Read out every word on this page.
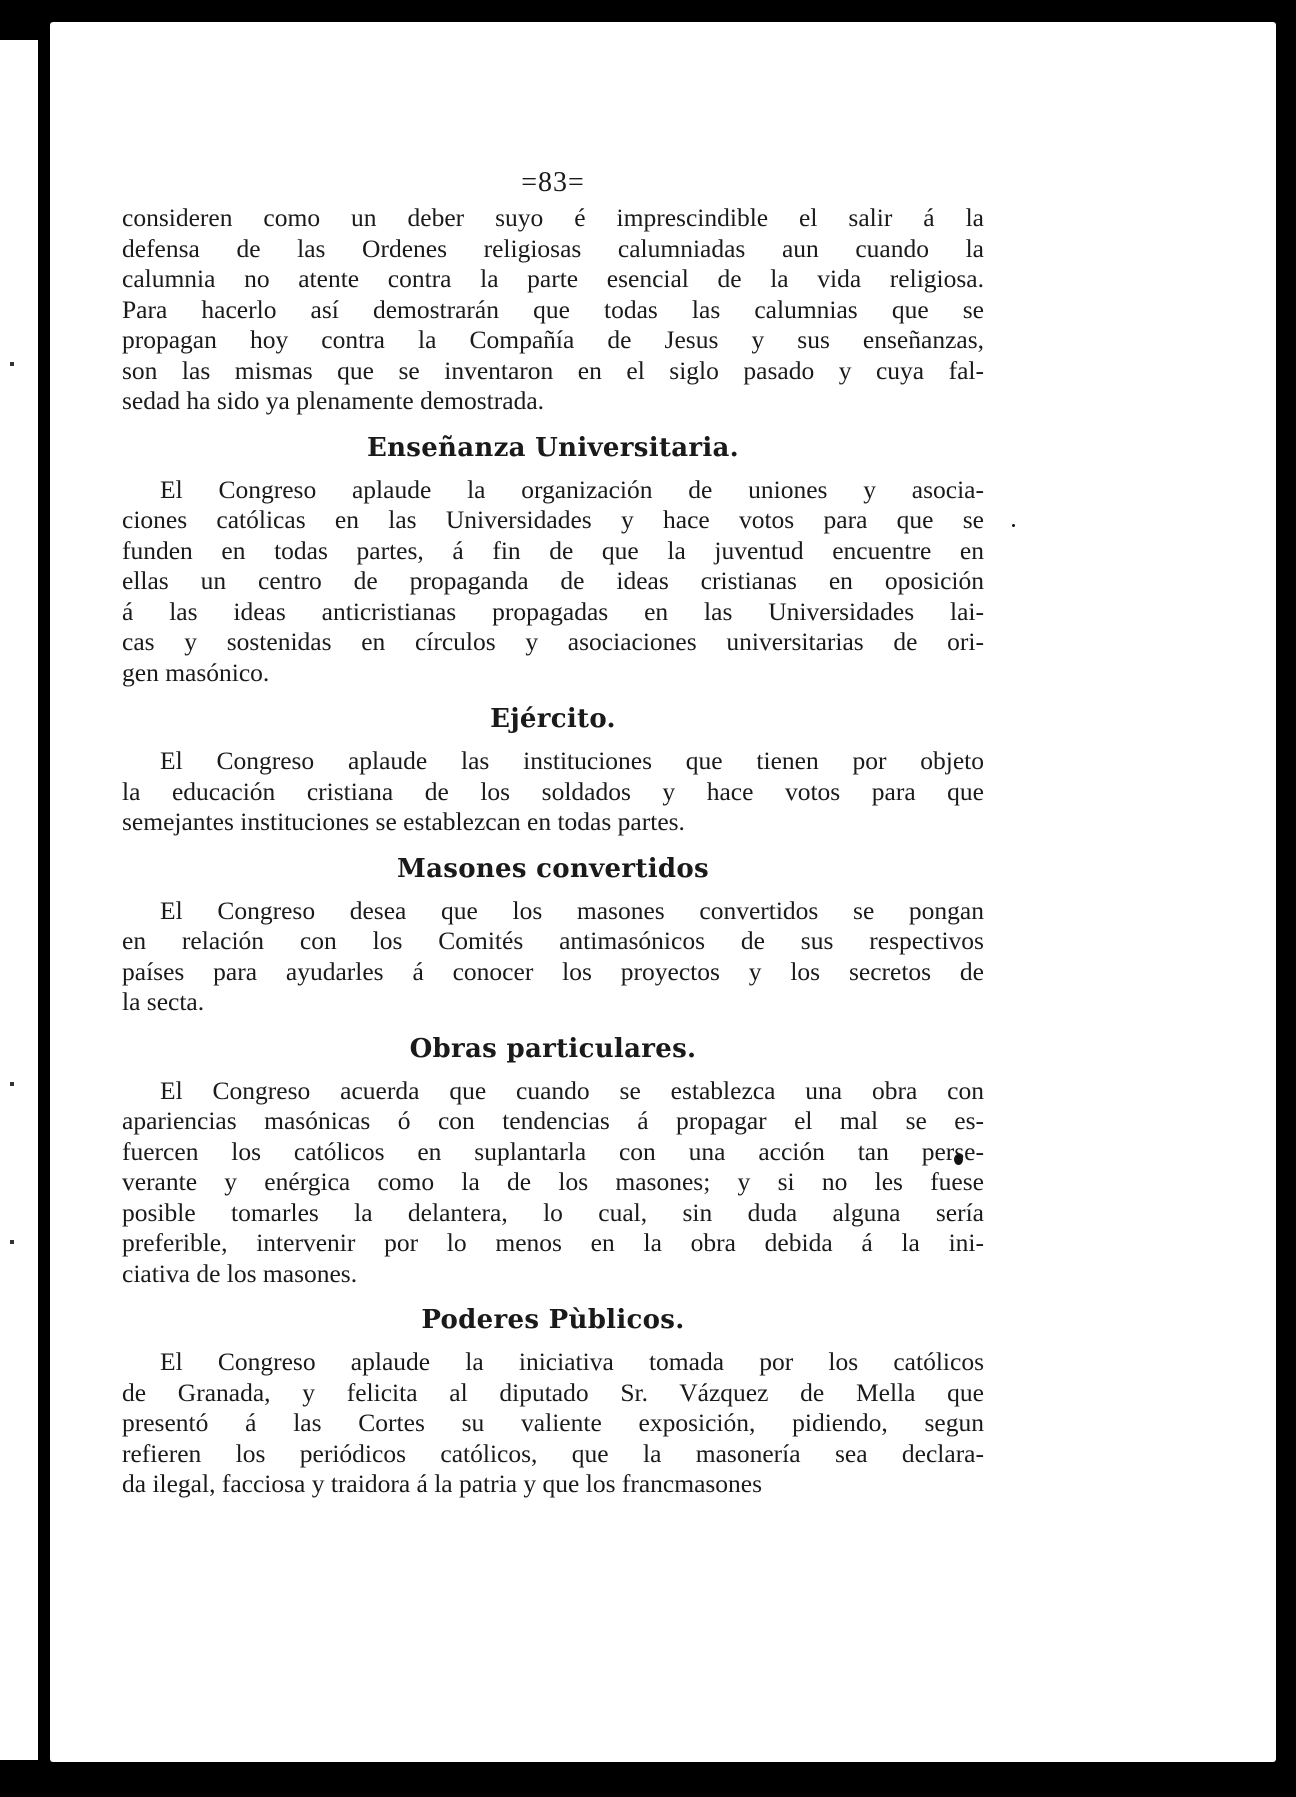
=83=

consideren como un deber suyo é imprescindible el salir á la
defensa de las Ordenes religiosas calumniadas aun cuando la
calumnia no atente contra la parte esencial de la vida religiosa.
Para hacerlo así demostrarán que todas las calumnias que se
propagan hoy contra la Compañía de Jesus y sus enseñanzas,
son las mismas que se inventaron en el siglo pasado y cuya fal-
sedad ha sido ya plenamente demostrada.

Enseñanza Universitaria.

El Congreso aplaude la organización de uniones y asocia-
ciones católicas en las Universidades y hace votos para que se
funden en todas partes, á fin de que la juventud encuentre en
ellas un centro de propaganda de ideas cristianas en oposición
á las ideas anticristianas propagadas en las Universidades lai-
cas y sostenidas en círculos y asociaciones universitarias de ori-
gen masónico.

Ejército.

El Congreso aplaude las instituciones que tienen por objeto
la educación cristiana de los soldados y hace votos para que
semejantes instituciones se establezcan en todas partes.

Masones convertidos

El Congreso desea que los masones convertidos se pongan
en relación con los Comités antimasónicos de sus respectivos
países para ayudarles á conocer los proyectos y los secretos de
la secta.

Obras particulares.

El Congreso acuerda que cuando se establezca una obra con
apariencias masónicas ó con tendencias á propagar el mal se es-
fuercen los católicos en suplantarla con una acción tan perse-
verante y enérgica como la de los masones; y si no les fuese
posible tomarles la delantera, lo cual, sin duda alguna sería
preferible, intervenir por lo menos en la obra debida á la ini-
ciativa de los masones.

Poderes Pùblicos.

El Congreso aplaude la iniciativa tomada por los católicos
de Granada, y felicita al diputado Sr. Vázquez de Mella que
presentó á las Cortes su valiente exposición, pidiendo, segun
refieren los periódicos católicos, que la masonería sea declara-
da ilegal, facciosa y traidora á la patria y que los francmasones
